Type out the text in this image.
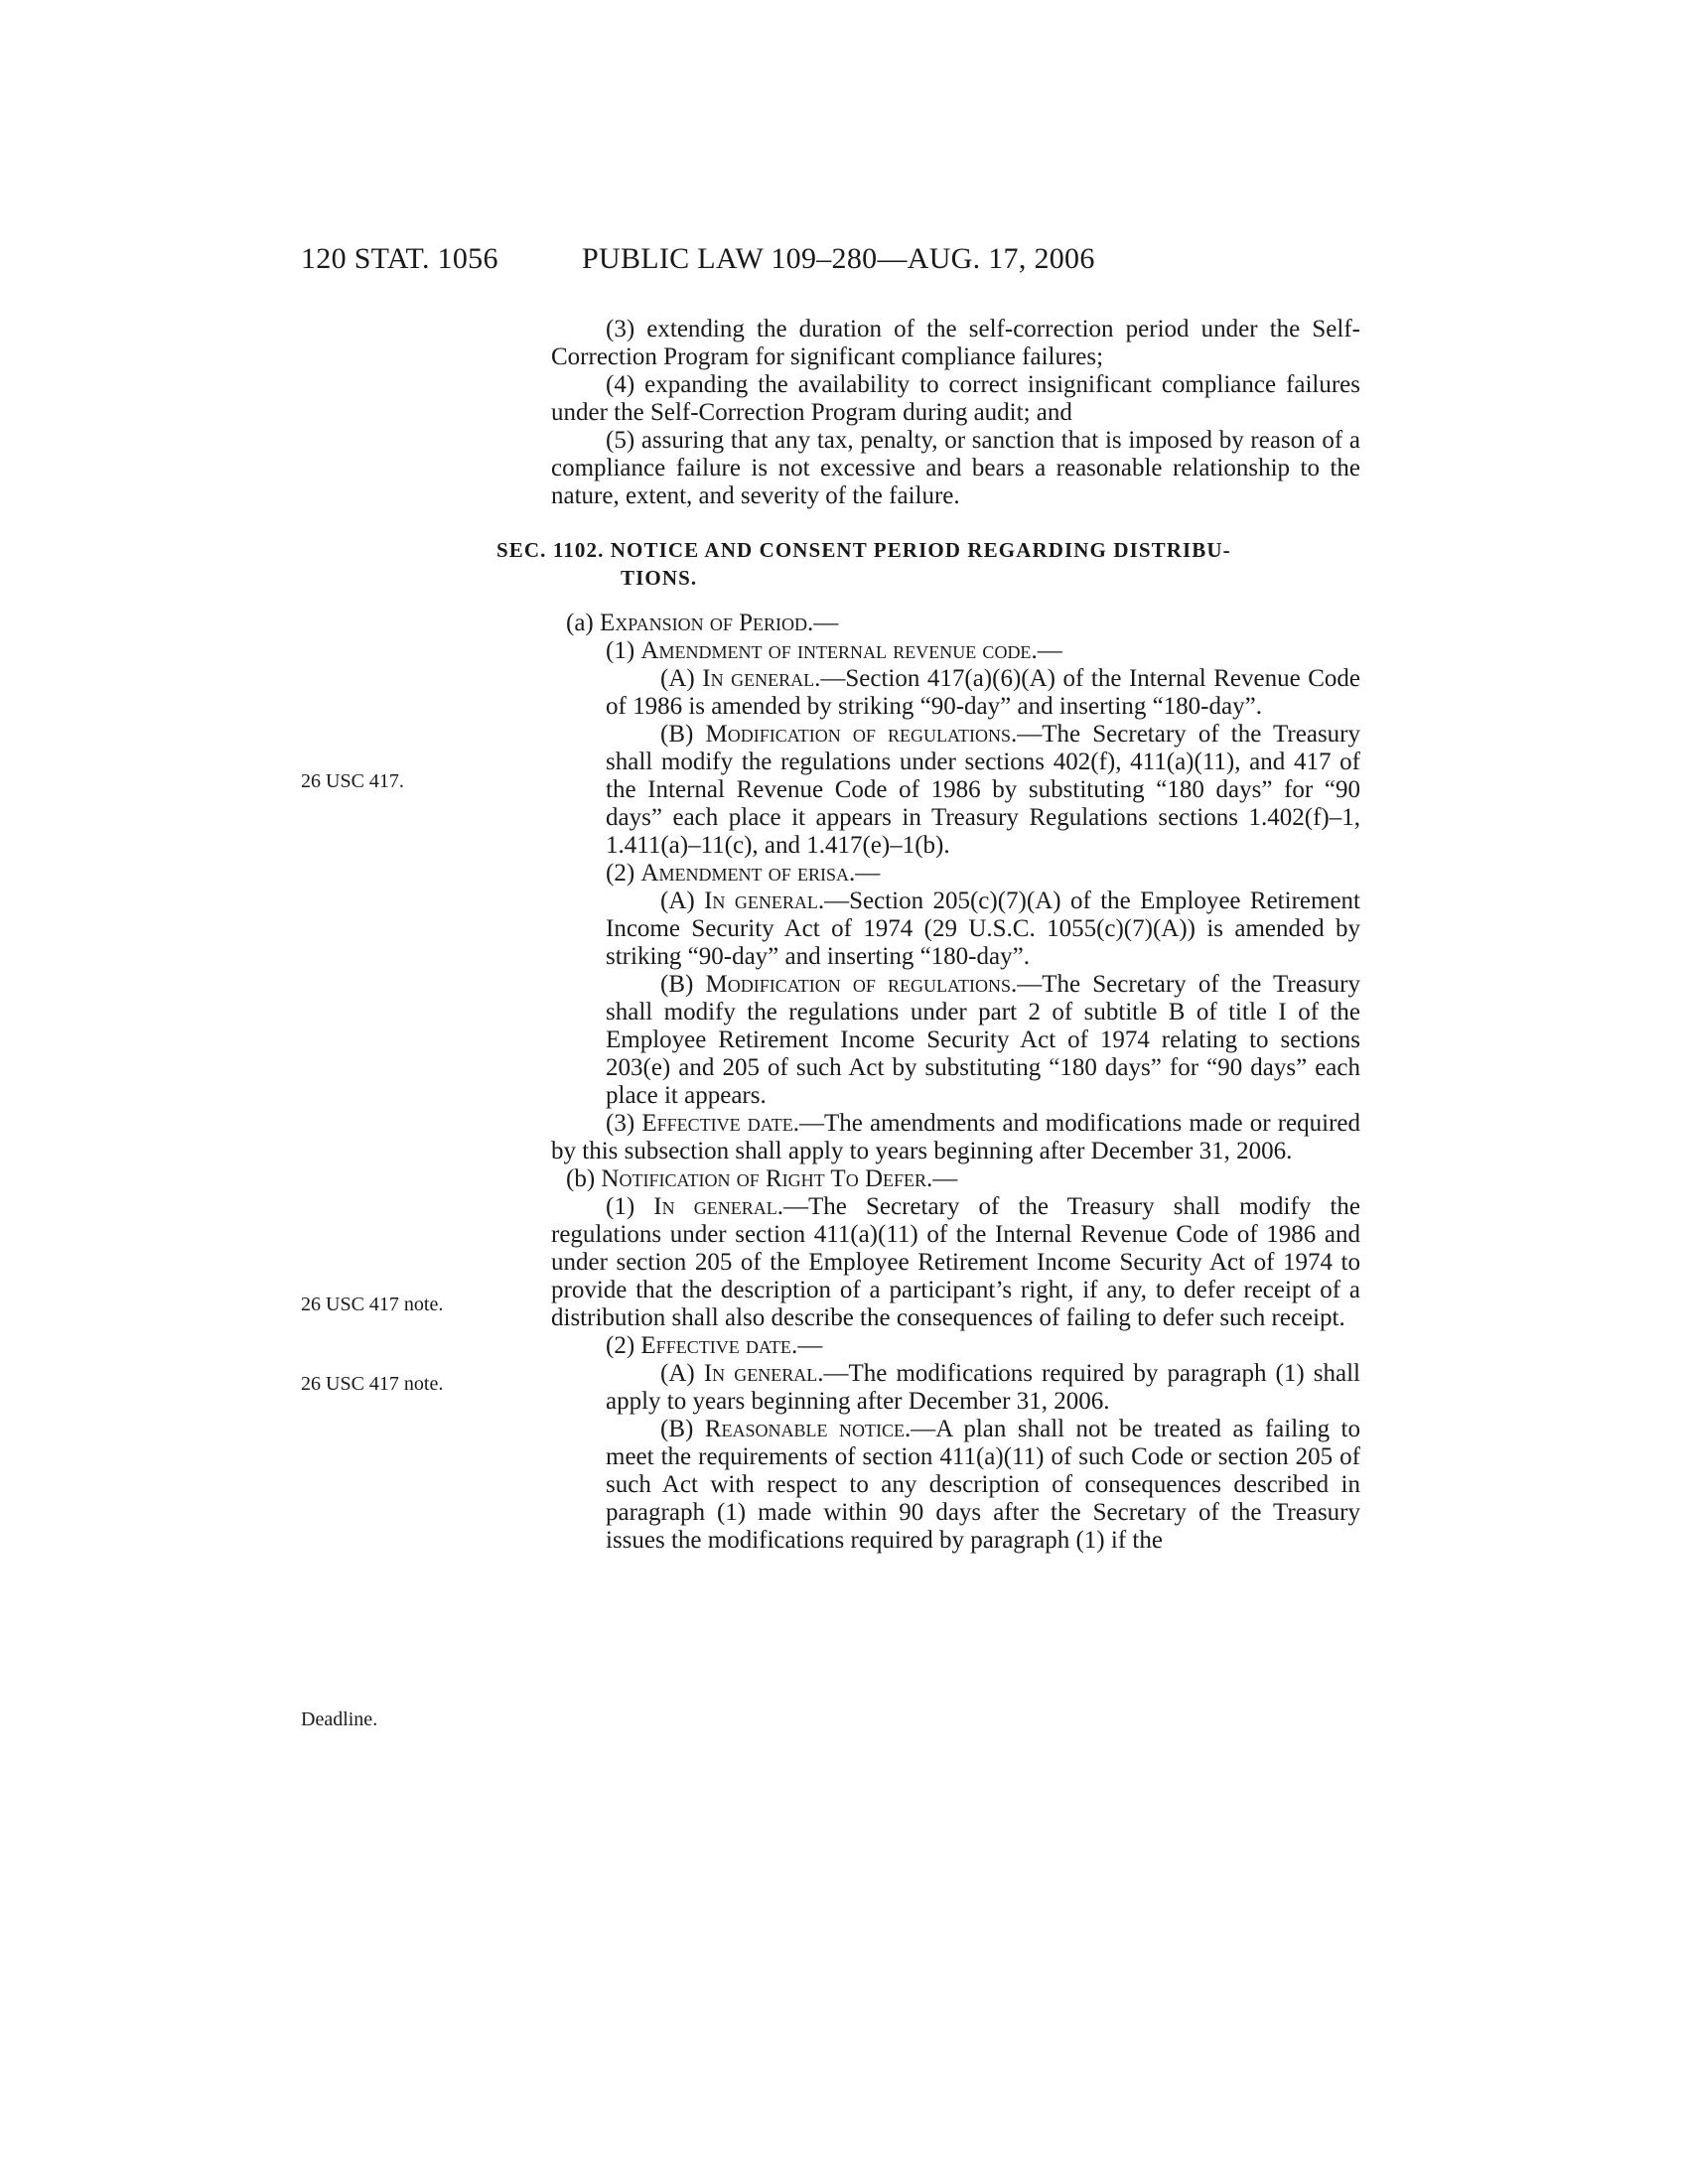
120 STAT. 1056	PUBLIC LAW 109–280—AUG. 17, 2006
26 USC 417.
26 USC 417 note.
26 USC 417 note.
Deadline.

(3) extending the duration of the self-correction period under the Self-Correction Program for significant compliance failures;

(4) expanding the availability to correct insignificant compliance failures under the Self-Correction Program during audit; and

(5) assuring that any tax, penalty, or sanction that is imposed by reason of a compliance failure is not excessive and bears a reasonable relationship to the nature, extent, and severity of the failure.

SEC. 1102. NOTICE AND CONSENT PERIOD REGARDING DISTRIBU-
TIONS.

(a) Expansion of Period.—

(1) Amendment of internal revenue code.—

(A) In general.—Section 417(a)(6)(A) of the Internal Revenue Code of 1986 is amended by striking “90-day” and inserting “180-day”.

(B) Modification of regulations.—The Secretary of the Treasury shall modify the regulations under sections 402(f), 411(a)(11), and 417 of the Internal Revenue Code of 1986 by substituting “180 days” for “90 days” each place it appears in Treasury Regulations sections 1.402(f)–1, 1.411(a)–11(c), and 1.417(e)–1(b).

(2) Amendment of erisa.—

(A) In general.—Section 205(c)(7)(A) of the Employee Retirement Income Security Act of 1974 (29 U.S.C. 1055(c)(7)(A)) is amended by striking “90-day” and inserting “180-day”.

(B) Modification of regulations.—The Secretary of the Treasury shall modify the regulations under part 2 of subtitle B of title I of the Employee Retirement Income Security Act of 1974 relating to sections 203(e) and 205 of such Act by substituting “180 days” for “90 days” each place it appears.

(3) Effective date.—The amendments and modifications made or required by this subsection shall apply to years beginning after December 31, 2006.

(b) Notification of Right To Defer.—

(1) In general.—The Secretary of the Treasury shall modify the regulations under section 411(a)(11) of the Internal Revenue Code of 1986 and under section 205 of the Employee Retirement Income Security Act of 1974 to provide that the description of a participant’s right, if any, to defer receipt of a distribution shall also describe the consequences of failing to defer such receipt.

(2) Effective date.—

(A) In general.—The modifications required by paragraph (1) shall apply to years beginning after December 31, 2006.

(B) Reasonable notice.—A plan shall not be treated as failing to meet the requirements of section 411(a)(11) of such Code or section 205 of such Act with respect to any description of consequences described in paragraph (1) made within 90 days after the Secretary of the Treasury issues the modifications required by paragraph (1) if the
